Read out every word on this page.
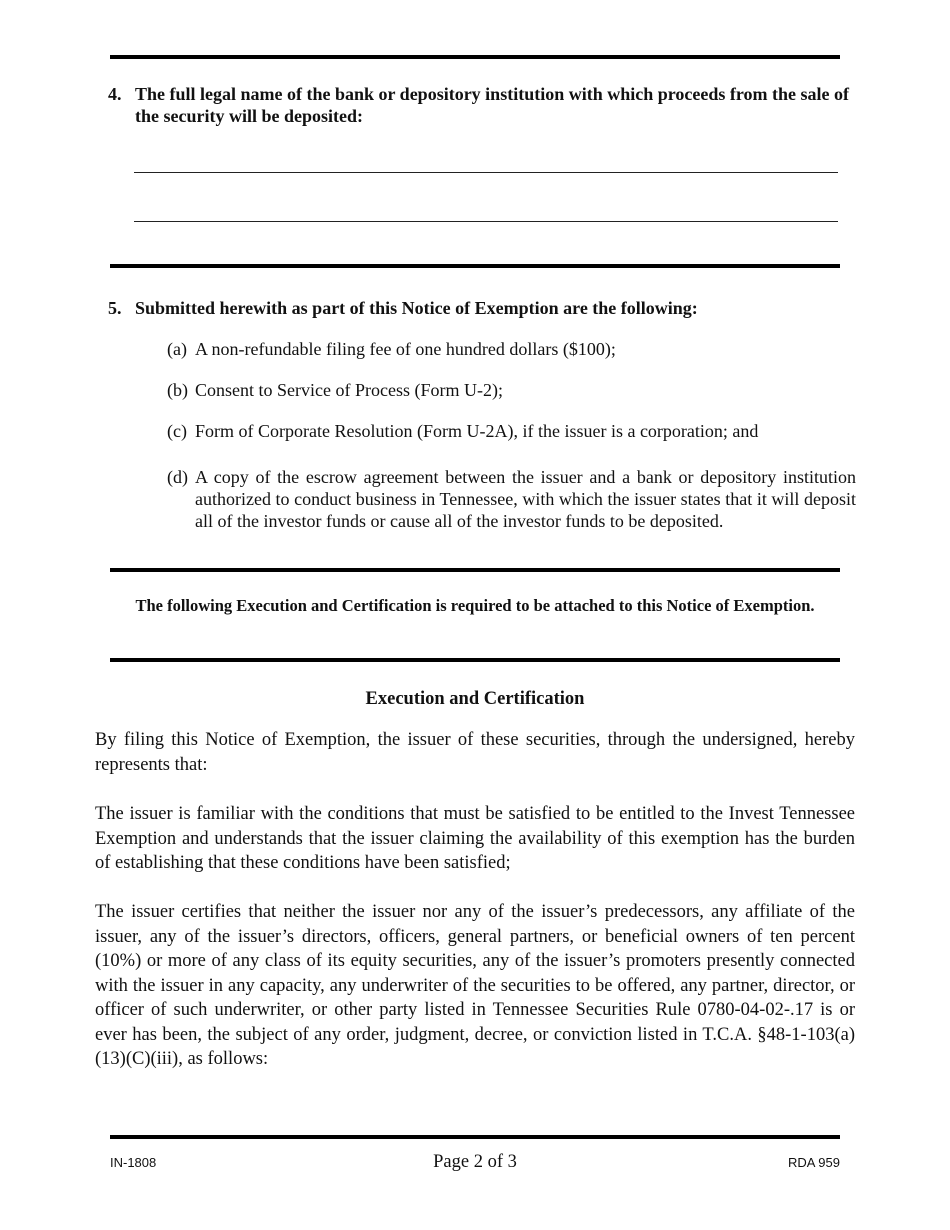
4. The full legal name of the bank or depository institution with which proceeds from the sale of the security will be deposited:
5. Submitted herewith as part of this Notice of Exemption are the following:
(a) A non-refundable filing fee of one hundred dollars ($100);
(b) Consent to Service of Process (Form U-2);
(c) Form of Corporate Resolution (Form U-2A), if the issuer is a corporation; and
(d) A copy of the escrow agreement between the issuer and a bank or depository institution authorized to conduct business in Tennessee, with which the issuer states that it will deposit all of the investor funds or cause all of the investor funds to be deposited.
The following Execution and Certification is required to be attached to this Notice of Exemption.
Execution and Certification
By filing this Notice of Exemption, the issuer of these securities, through the undersigned, hereby represents that:
The issuer is familiar with the conditions that must be satisfied to be entitled to the Invest Tennessee Exemption and understands that the issuer claiming the availability of this exemption has the burden of establishing that these conditions have been satisfied;
The issuer certifies that neither the issuer nor any of the issuer’s predecessors, any affiliate of the issuer, any of the issuer’s directors, officers, general partners, or beneficial owners of ten percent (10%) or more of any class of its equity securities, any of the issuer’s promoters presently connected with the issuer in any capacity, any underwriter of the securities to be offered, any partner, director, or officer of such underwriter, or other party listed in Tennessee Securities Rule 0780-04-02-.17 is or ever has been, the subject of any order, judgment, decree, or conviction listed in T.C.A. §48-1-103(a)(13)(C)(iii), as follows:
IN-1808	Page 2 of 3	RDA 959
